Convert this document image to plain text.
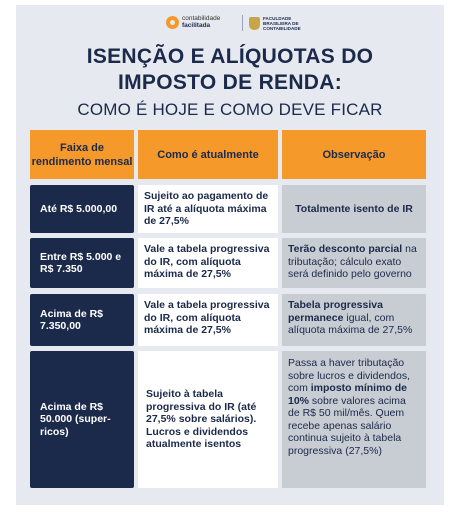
contabilidade
facilitada
FACULDADE
BRASILEIRA DE
CONTABILIDADE
ISENÇÃO E ALÍQUOTAS DO
IMPOSTO DE RENDA:
COMO É HOJE E COMO DEVE FICAR
Faixa de rendimento mensal
Como é atualmente	Observação
Até R$ 5.000,00
Sujeito ao pagamento de IR até a alíquota máxima de 27,5%
Totalmente isento de IR
Entre R$ 5.000 e R$ 7.350
Vale a tabela progressiva do IR, com alíquota máxima de 27,5%
Terão desconto parcial na tributação; cálculo exato será definido pelo governo
Acima de R$ 7.350,00
Vale a tabela progressiva do IR, com alíquota máxima de 27,5%
Tabela progressiva permanece igual, com alíquota máxima de 27,5%
Acima de R$ 50.000 (super-ricos)
Sujeito à tabela progressiva do IR (até 27,5% sobre salários). Lucros e dividendos atualmente isentos
Passa a haver tributação sobre lucros e dividendos, com imposto mínimo de 10% sobre valores acima de R$ 50 mil/mês. Quem recebe apenas salário continua sujeito à tabela progressiva (27,5%)
